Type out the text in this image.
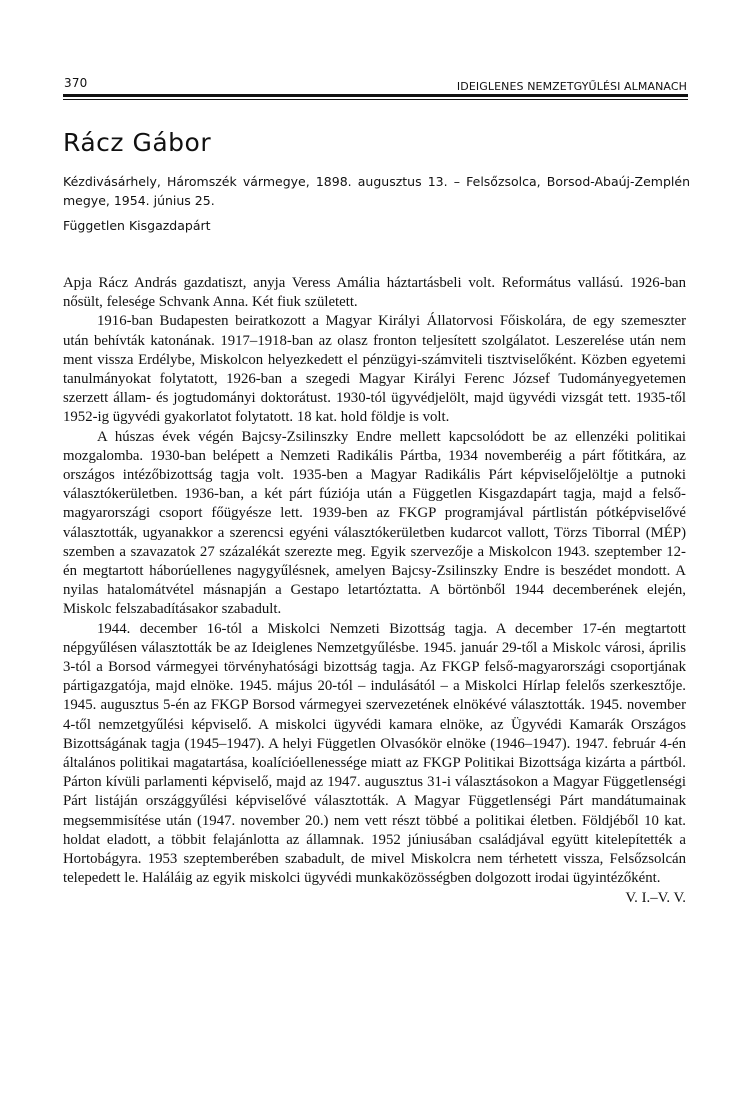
370	IDEIGLENES NEMZETGYŰLÉSI ALMANACH
Rácz Gábor

Kézdivásárhely, Háromszék vármegye, 1898. augusztus 13. – Felsőzsolca, Borsod-Abaúj-Zemplén megye, 1954. június 25.

Független Kisgazdapárt

Apja Rácz András gazdatiszt, anyja Veress Amália háztartásbeli volt. Református vallású. 1926-ban nősült, felesége Schvank Anna. Két fiuk született.

1916-ban Budapesten beiratkozott a Magyar Királyi Állatorvosi Főiskolára, de egy szemeszter után behívták katonának. 1917–1918-ban az olasz fronton teljesített szolgálatot. Leszerelése után nem ment vissza Erdélybe, Miskolcon helyezkedett el pénzügyi-számviteli tisztviselőként. Közben egyetemi tanulmányokat folytatott, 1926-ban a szegedi Magyar Királyi Ferenc József Tudományegyetemen szerzett állam- és jogtudományi doktorátust. 1930-tól ügyvédjelölt, majd ügyvédi vizsgát tett. 1935-től 1952-ig ügyvédi gyakorlatot folytatott. 18 kat. hold földje is volt.

A húszas évek végén Bajcsy-Zsilinszky Endre mellett kapcsolódott be az ellenzéki politikai mozgalomba. 1930-ban belépett a Nemzeti Radikális Pártba, 1934 novemberéig a párt főtitkára, az országos intézőbizottság tagja volt. 1935-ben a Magyar Radikális Párt képviselőjelöltje a putnoki választókerületben. 1936-ban, a két párt fúziója után a Független Kisgazdapárt tagja, majd a felső-magyarországi csoport főügyésze lett. 1939-ben az FKGP programjával pártlistán pótképviselővé választották, ugyanakkor a szerencsi egyéni választókerületben kudarcot vallott, Törzs Tiborral (MÉP) szemben a szavazatok 27 százalékát szerezte meg. Egyik szervezője a Miskolcon 1943. szeptember 12-én megtartott háborúellenes nagygyűlésnek, amelyen Bajcsy-Zsilinszky Endre is beszédet mondott. A nyilas hatalomátvétel másnapján a Gestapo letartóztatta. A börtönből 1944 decemberének elején, Miskolc felszabadításakor szabadult.

1944. december 16-tól a Miskolci Nemzeti Bizottság tagja. A december 17-én megtartott népgyűlésen választották be az Ideiglenes Nemzetgyűlésbe. 1945. január 29-től a Miskolc városi, április 3-tól a Borsod vármegyei törvényhatósági bizottság tagja. Az FKGP felső-magyarországi csoportjának pártigazgatója, majd elnöke. 1945. május 20-tól – indulásától – a Miskolci Hírlap felelős szerkesztője. 1945. augusztus 5-én az FKGP Borsod vármegyei szervezetének elnökévé választották. 1945. november 4-től nemzetgyűlési képviselő. A miskolci ügyvédi kamara elnöke, az Ügyvédi Kamarák Országos Bizottságának tagja (1945–1947). A helyi Független Olvasókör elnöke (1946–1947). 1947. február 4-én általános politikai magatartása, koalícióellenessége miatt az FKGP Politikai Bizottsága kizárta a pártból. Párton kívüli parlamenti képviselő, majd az 1947. augusztus 31-i választásokon a Magyar Függetlenségi Párt listáján országgyűlési képviselővé választották. A Magyar Függetlenségi Párt mandátumainak megsemmisítése után (1947. november 20.) nem vett részt többé a politikai életben. Földjéből 10 kat. holdat eladott, a többit felajánlotta az államnak. 1952 júniusában családjával együtt kitelepítették a Hortobágyra. 1953 szeptemberében szabadult, de mivel Miskolcra nem térhetett vissza, Felsőzsolcán telepedett le. Haláláig az egyik miskolci ügyvédi munkaközösségben dolgozott irodai ügyintézőként.

V. I.–V. V.
